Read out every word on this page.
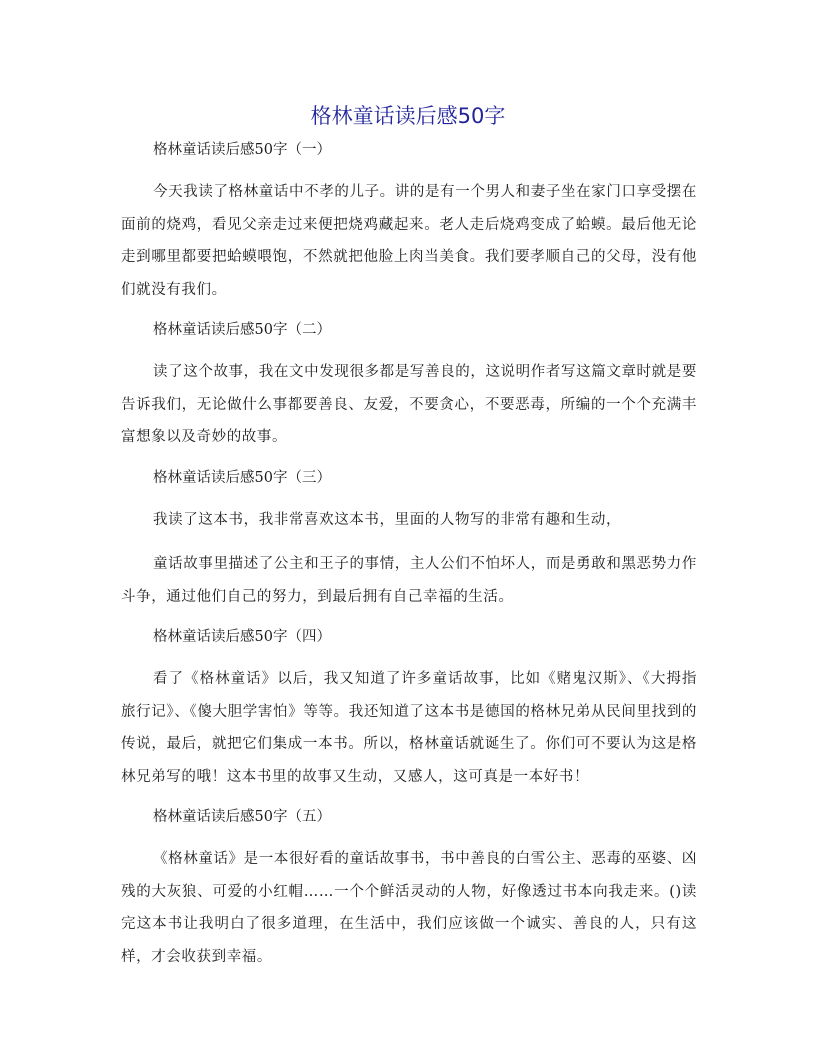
格林童话读后感50字
格林童话读后感50字（一）

今天我读了格林童话中不孝的儿子。讲的是有一个男人和妻子坐在家门口享受摆在面前的烧鸡，看见父亲走过来便把烧鸡藏起来。老人走后烧鸡变成了蛤蟆。最后他无论走到哪里都要把蛤蟆喂饱，不然就把他脸上肉当美食。我们要孝顺自己的父母，没有他们就没有我们。

格林童话读后感50字（二）

读了这个故事，我在文中发现很多都是写善良的，这说明作者写这篇文章时就是要告诉我们，无论做什么事都要善良、友爱，不要贪心，不要恶毒，所编的一个个充满丰富想象以及奇妙的故事。

格林童话读后感50字（三）

我读了这本书，我非常喜欢这本书，里面的人物写的非常有趣和生动，

童话故事里描述了公主和王子的事情，主人公们不怕坏人，而是勇敢和黑恶势力作斗争，通过他们自己的努力，到最后拥有自己幸福的生活。

格林童话读后感50字（四）

看了《格林童话》以后，我又知道了许多童话故事，比如《赌鬼汉斯》、《大拇指旅行记》、《傻大胆学害怕》等等。我还知道了这本书是德国的格林兄弟从民间里找到的传说，最后，就把它们集成一本书。所以，格林童话就诞生了。你们可不要认为这是格林兄弟写的哦！这本书里的故事又生动，又感人，这可真是一本好书！

格林童话读后感50字（五）

《格林童话》是一本很好看的童话故事书，书中善良的白雪公主、恶毒的巫婆、凶残的大灰狼、可爱的小红帽……一个个鲜活灵动的人物，好像透过书本向我走来。()读完这本书让我明白了很多道理，在生活中，我们应该做一个诚实、善良的人，只有这样，才会收获到幸福。
